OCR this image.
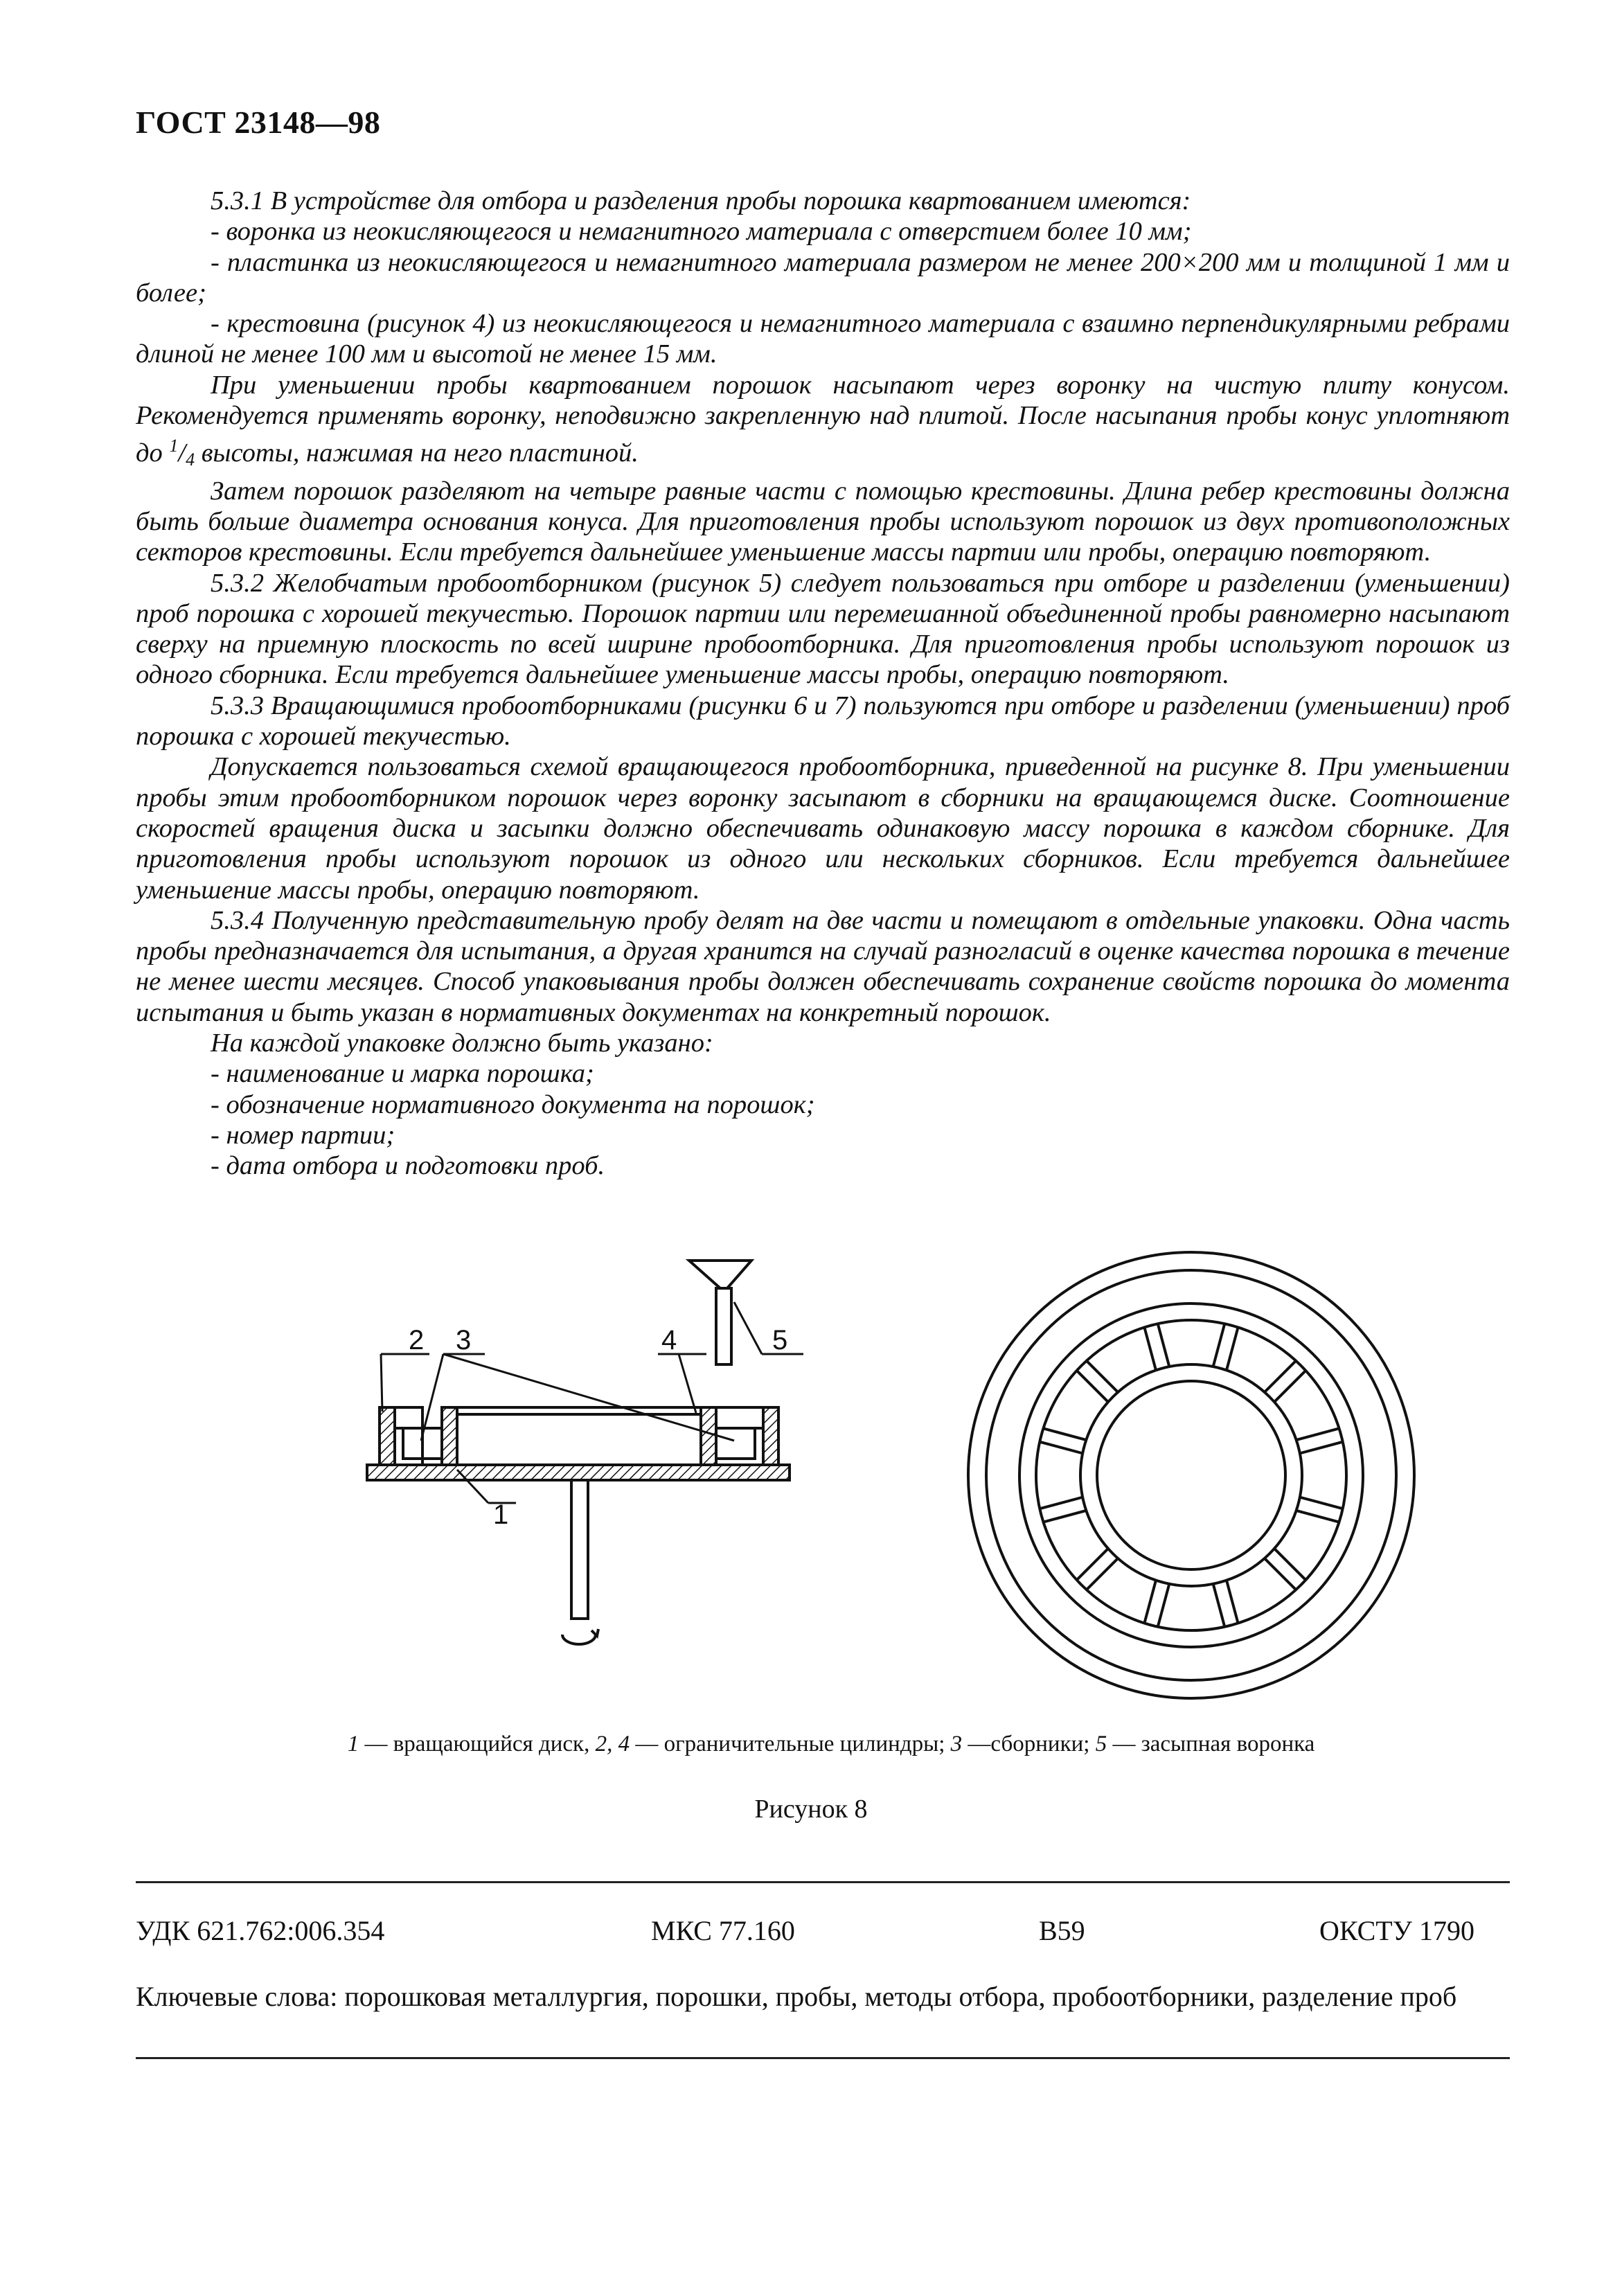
ГОСТ 23148—98

5.3.1 В устройстве для отбора и разделения пробы порошка квартованием имеются:

- воронка из неокисляющегося и немагнитного материала с отверстием более 10 мм;

- пластинка из неокисляющегося и немагнитного материала размером не менее 200×200 мм и толщиной 1 мм и более;

- крестовина (рисунок 4) из неокисляющегося и немагнитного материала с взаимно перпендикулярными ребрами длиной не менее 100 мм и высотой не менее 15 мм.

При уменьшении пробы квартованием порошок насыпают через воронку на чистую плиту конусом. Рекомендуется применять воронку, неподвижно закрепленную над плитой. После насыпания пробы конус уплотняют до $^1$/4 высоты, нажимая на него пластиной.

Затем порошок разделяют на четыре равные части с помощью крестовины. Длина ребер крестовины должна быть больше диаметра основания конуса. Для приготовления пробы используют порошок из двух противоположных секторов крестовины. Если требуется дальнейшее уменьшение массы партии или пробы, операцию повторяют.

5.3.2 Желобчатым пробоотборником (рисунок 5) следует пользоваться при отборе и разделении (уменьшении) проб порошка с хорошей текучестью. Порошок партии или перемешанной объединенной пробы равномерно насыпают сверху на приемную плоскость по всей ширине пробоотборника. Для приготовления пробы используют порошок из одного сборника. Если требуется дальнейшее уменьшение массы пробы, операцию повторяют.

5.3.3 Вращающимися пробоотборниками (рисунки 6 и 7) пользуются при отборе и разделении (уменьшении) проб порошка с хорошей текучестью.

Допускается пользоваться схемой вращающегося пробоотборника, приведенной на рисунке 8. При уменьшении пробы этим пробоотборником порошок через воронку засыпают в сборники на вращающемся диске. Соотношение скоростей вращения диска и засыпки должно обеспечивать одинаковую массу порошка в каждом сборнике. Для приготовления пробы используют порошок из одного или нескольких сборников. Если требуется дальнейшее уменьшение массы пробы, операцию повторяют.

5.3.4 Полученную представительную пробу делят на две части и помещают в отдельные упаковки. Одна часть пробы предназначается для испытания, а другая хранится на случай разногласий в оценке качества порошка в течение не менее шести месяцев. Способ упаковывания пробы должен обеспечивать сохранение свойств порошка до момента испытания и быть указан в нормативных документах на конкретный порошок.

На каждой упаковке должно быть указано:

- наименование и марка порошка;

- обозначение нормативного документа на порошок;

- номер партии;

- дата отбора и подготовки проб.

2 3	4	5
1
1 — вращающийся диск, 2, 4 — ограничительные цилиндры; 3 —сборники; 5 — засыпная воронка
Рисунок 8
УДК 621.762:006.354	МКС 77.160	В59	ОКСТУ 1790
Ключевые слова: порошковая металлургия, порошки, пробы, методы отбора, пробоотборники, разделение проб
